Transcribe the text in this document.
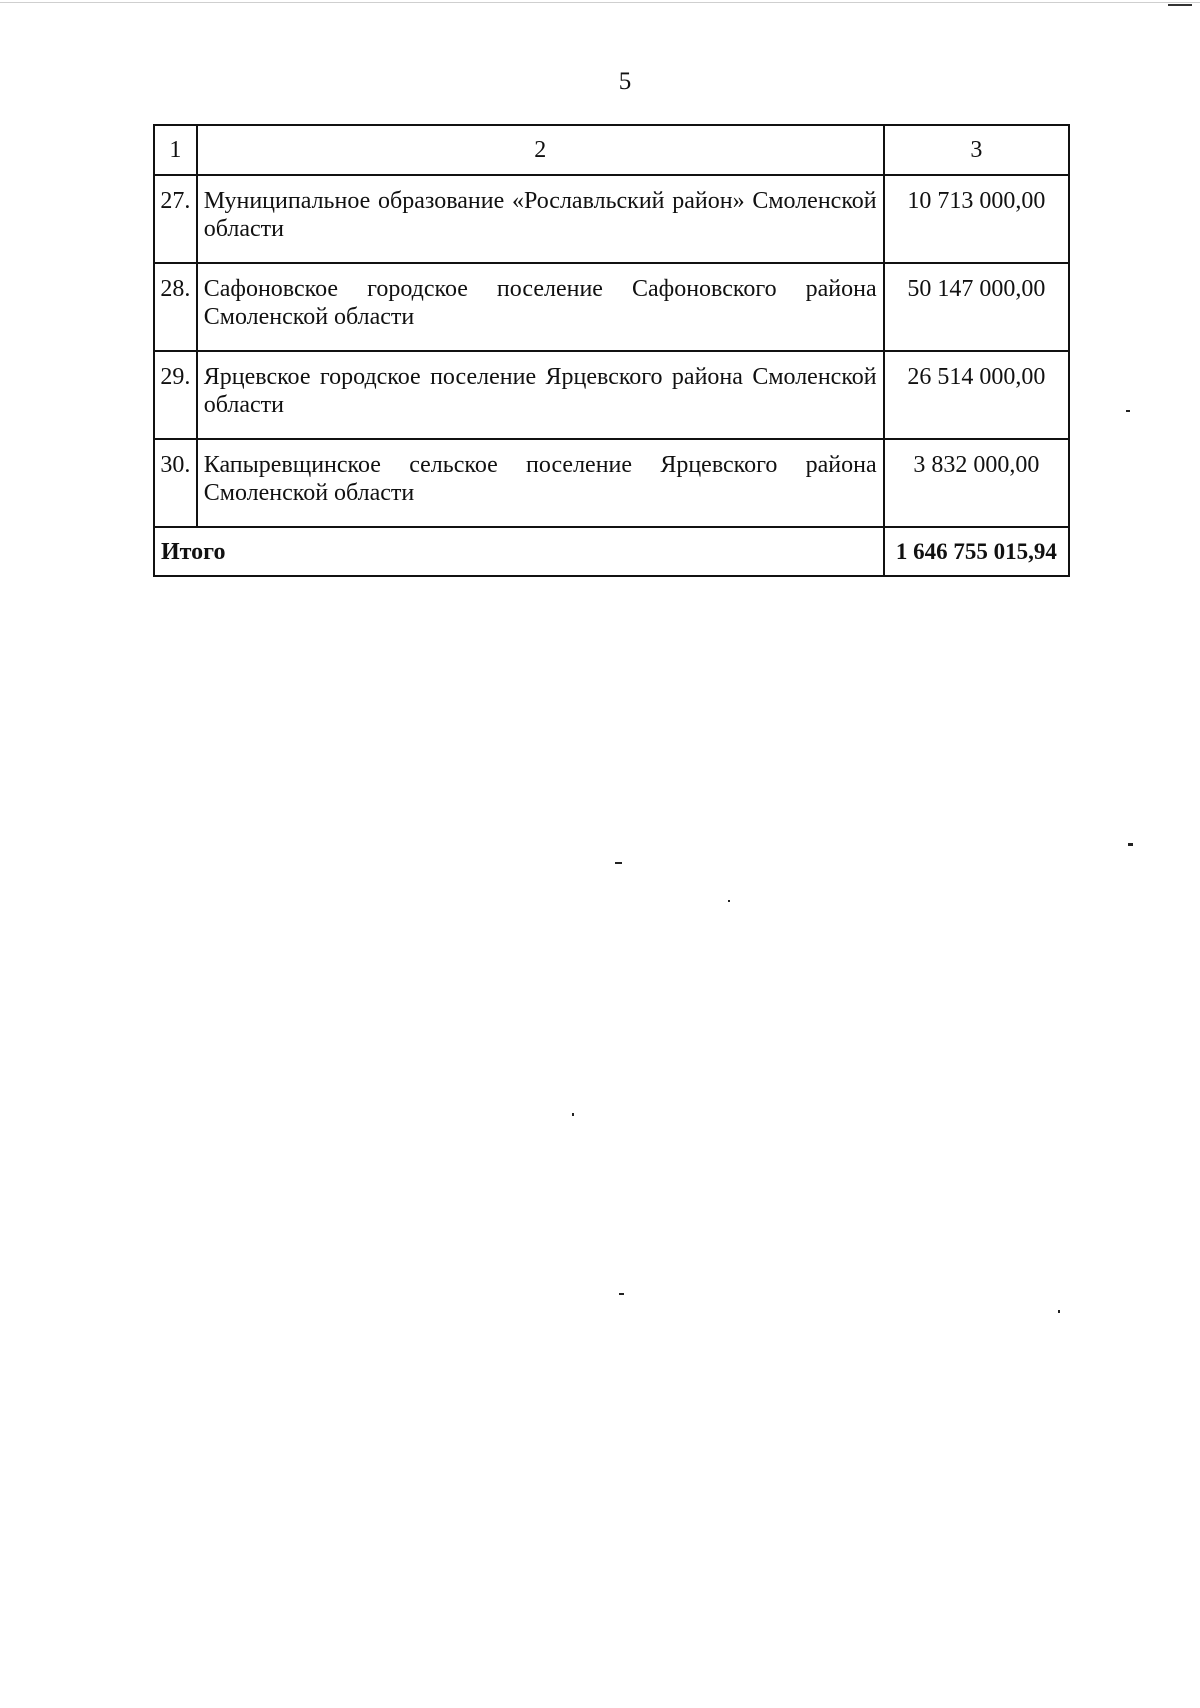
5
1	2	3
27.	Муниципальное образование «Рославльский район» Смоленской области	10 713 000,00
28.	Сафоновское городское поселение Сафоновского района Смоленской области	50 147 000,00
29.	Ярцевское городское поселение Ярцевского района Смоленской области	26 514 000,00
30.	Капыревщинское сельское поселение Ярцевского района Смоленской области	3 832 000,00
Итого		1 646 755 015,94
